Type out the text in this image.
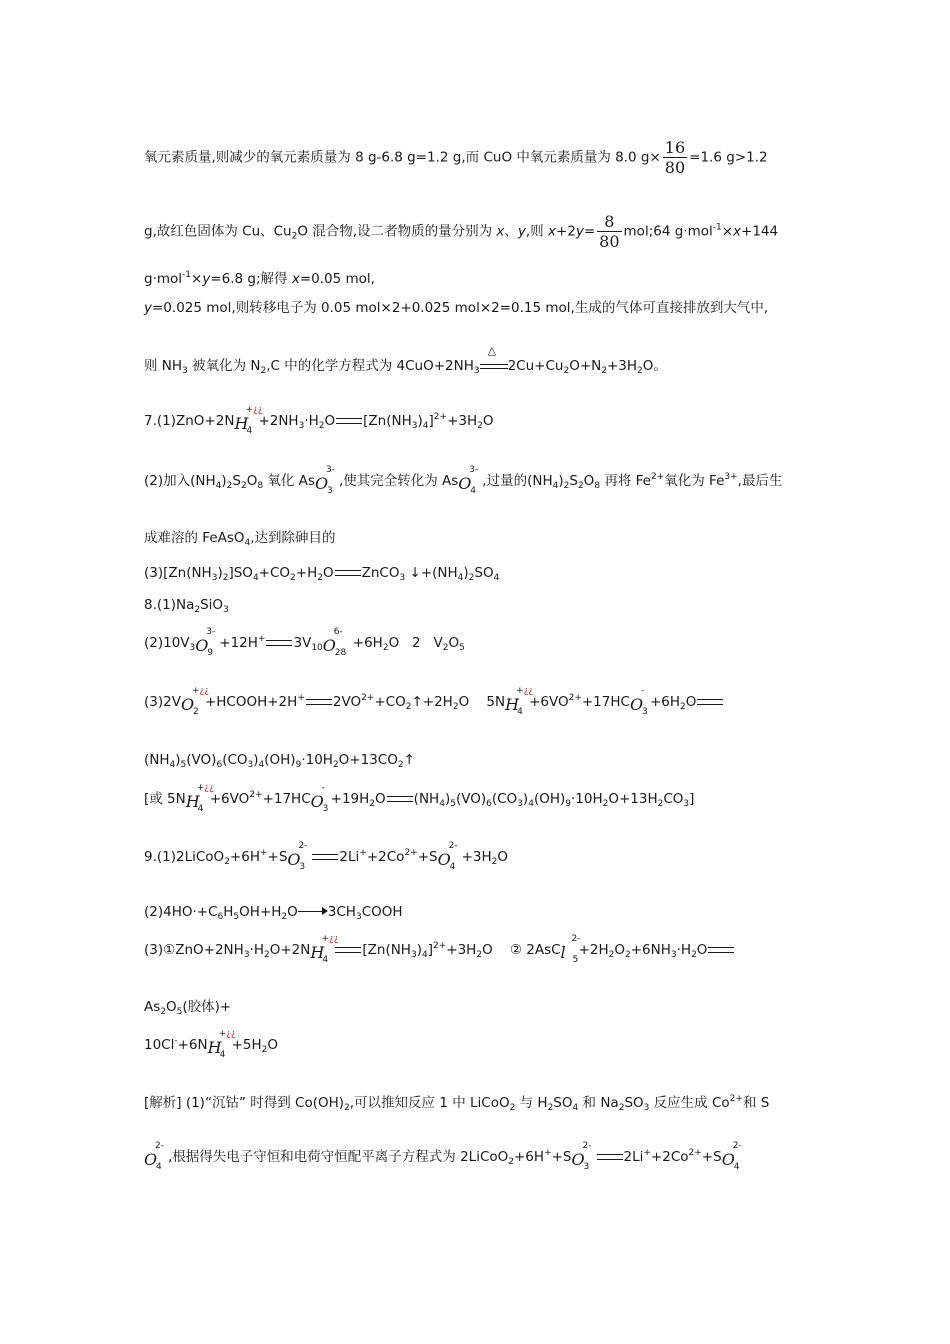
氧元素质量,则减少的氧元素质量为 8 g-6.8 g=1.2 g,而 CuO 中氧元素质量为 8.0 $g\times \frac{16}{80} =1.6$ g>1.2
g,故红色固体为 Cu、$Cu_2O$ 混合物,设二者物质的量分别为 x、y,则 $x+2y= \frac{8}{80}$ mol;64 g·mol$^{-1}$×x+144
g·mol$^{-1}$×y=6.8 g;解得 x=0.05 mol,
y=0.025 mol,则转移电子为 0.05 mol×2+0.025 mol×2=0.15 mol,生成的气体可直接排放到大气中,
则 $NH_3$ 被氧化为 $N_2,C$ 中的化学方程式为 $4CuO+2NH_3$
△
$2Cu+Cu_2O+N_2+3H_2O$。
7.(1)ZnO+2N H
+¿¿
4
$+2NH_3\cdot H_2O$ $[Zn(NH_3)_4]^{2+}+3H_2O$
(2)加入$(NH_4)_2S_2O_8$ 氧化 As O
3-
3
,使其完全转化为 As O
3-
4
,过量的$(NH_4)_2S_2O_8$ 再将 $Fe^{2+}$氧化为 $Fe^{3+}$,最后生
成难溶的 FeAsO$_4$,达到除砷目的
$(3)[Zn(NH_3)_2]SO_4+CO_2+H_2O$ ZnCO$_3$ $↓+(NH_4)_2SO_4$
$8.(1)Na_2SiO_3$
$(2)10V_3$ O
3-
9
+12H+ $3V_{10}$ O
6-
28
$+6H_2O$   2   $V_2O_5$
(3)2V O
+¿¿
2
+HCOOH+2H+ $2VO^{2+}+CO_2↑+2H_2O$    5N H
+¿¿
4
$+6VO^{2+}+17HC$ O
-
3
$+6H_2O$
$(NH_4)_5(VO)_6(CO_3)_4(OH)_9\cdot 10H_2O+13CO_2↑$
[或 5N H
+¿¿
4
$+6VO^{2+}+17HC$ O
-
3
$+19H_2O$ $(NH_4)_5(VO)_6(CO_3)_4(OH)_9\cdot 10H_2O+13H_2CO_3$]
9.(1)2LiCoO$_2$+6H++S O
2-
3
$2Li^++2Co^{2+}+S$ O
2-
4
$+3H_2O$
$(2)4HO\cdot+C_6H_5OH+H_2O$ $3CH_3COOH$
$(3)①ZnO+2NH_3\cdot H_2O+2N$ H
+¿¿
4
$[Zn(NH_3)_4]^{2+}+3H_2O$    ② 2AsC l
2-
5
$+2H_2O_2+6NH_3\cdot H_2O$
$As_2O_5$(胶体)+
10Cl-+6N H
+¿¿
4
$+5H_2O$
[解析] (1)“沉钴” 时得到 $Co(OH)_2$,可以推知反应 1 中 LiCoO$_2$ 与 $H_2SO_4$ 和 $Na_2SO_3$ 反应生成 $Co^{2+}$和 S
O
2-
4
,根据得失电子守恒和电荷守恒配平离子方程式为 2LiCoO$_2$+6H++S O
2-
3
$2Li^++2Co^{2+}+S$ O
2-
4
